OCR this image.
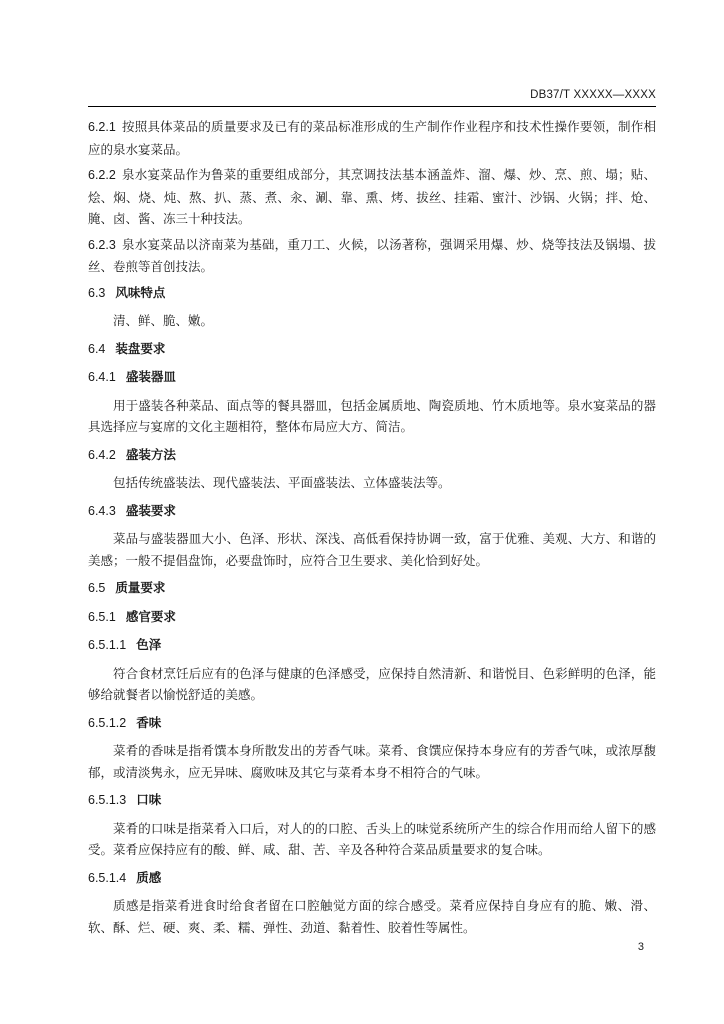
DB37/T XXXXX—XXXX

6.2.1 按照具体菜品的质量要求及已有的菜品标准形成的生产制作作业程序和技术性操作要领，制作相应的泉水宴菜品。

6.2.2 泉水宴菜品作为鲁菜的重要组成部分，其烹调技法基本涵盖炸、溜、爆、炒、烹、煎、塌；贴、烩、焖、烧、炖、熬、扒、蒸、煮、汆、涮、靠、熏、烤、拔丝、挂霜、蜜汁、沙锅、火锅；拌、炝、腌、卤、酱、冻三十种技法。

6.2.3 泉水宴菜品以济南菜为基础，重刀工、火候，以汤著称，强调采用爆、炒、烧等技法及锅塌、拔丝、卷煎等首创技法。

6.3 风味特点

清、鲜、脆、嫩。

6.4 装盘要求
6.4.1 盛装器皿

用于盛装各种菜品、面点等的餐具器皿，包括金属质地、陶瓷质地、竹木质地等。泉水宴菜品的器具选择应与宴席的文化主题相符，整体布局应大方、简洁。

6.4.2 盛装方法

包括传统盛装法、现代盛装法、平面盛装法、立体盛装法等。

6.4.3 盛装要求

菜品与盛装器皿大小、色泽、形状、深浅、高低看保持协调一致，富于优雅、美观、大方、和谐的美感；一般不提倡盘饰，必要盘饰时，应符合卫生要求、美化恰到好处。

6.5 质量要求
6.5.1 感官要求
6.5.1.1 色泽

符合食材烹饪后应有的色泽与健康的色泽感受，应保持自然清新、和谐悦目、色彩鲜明的色泽，能够给就餐者以愉悦舒适的美感。

6.5.1.2 香味

菜肴的香味是指肴馔本身所散发出的芳香气味。菜肴、食馔应保持本身应有的芳香气味，或浓厚馥郁，或清淡隽永，应无异味、腐败味及其它与菜肴本身不相符合的气味。

6.5.1.3 口味

菜肴的口味是指菜肴入口后，对人的的口腔、舌头上的味觉系统所产生的综合作用而给人留下的感受。菜肴应保持应有的酸、鲜、咸、甜、苦、辛及各种符合菜品质量要求的复合味。

6.5.1.4 质感

质感是指菜肴进食时给食者留在口腔触觉方面的综合感受。菜肴应保持自身应有的脆、嫩、滑、软、酥、烂、硬、爽、柔、糯、弹性、劲道、黏着性、胶着性等属性。

3
